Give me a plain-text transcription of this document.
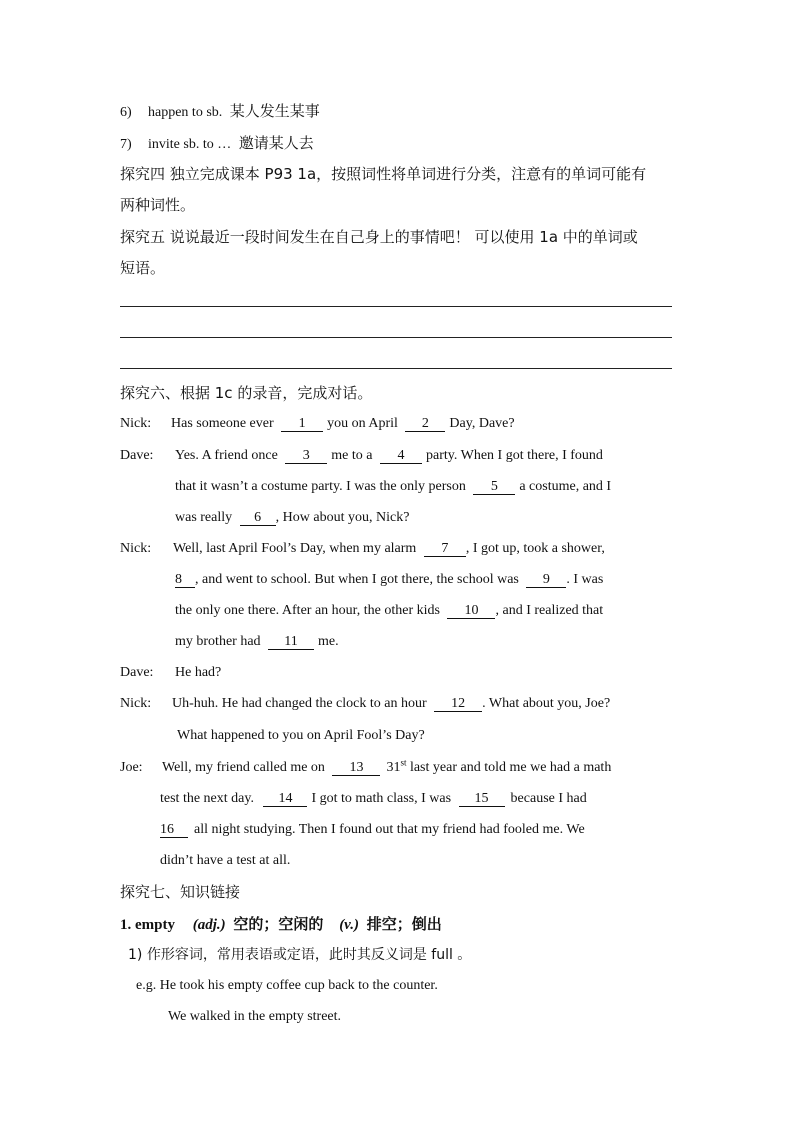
6) happen to sb. 某人发生某事
7) invite sb. to … 邀请某人去
探究四 独立完成课本 P93 1a，按照词性将单词进行分类，注意有的单词可能有
两种词性。
探究五 说说最近一段时间发生在自己身上的事情吧！ 可以使用 1a 中的单词或
短语。
探究六、根据 1c 的录音，完成对话。
Nick: Has someone ever 1 you on April 2 Day, Dave?
Dave: Yes. A friend once 3 me to a 4 party. When I got there, I found
that it wasn’t a costume party. I was the only person 5 a costume, and I
was really 6 , How about you, Nick?
Nick: Well, last April Fool’s Day, when my alarm 7 , I got up, took a shower,
8 , and went to school. But when I got there, the school was 9 . I was
the only one there. After an hour, the other kids 10 , and I realized that
my brother had 11 me.
Dave: He had?
Nick: Uh-huh. He had changed the clock to an hour 12 . What about you, Joe?
What happened to you on April Fool’s Day?
Joe: Well, my friend called me on 13 31st last year and told me we had a math
test the next day. 14 I got to math class, I was 15 because I had
16 all night studying. Then I found out that my friend had fooled me. We
didn’t have a test at all.
探究七、知识链接
1. empty (adj.) 空的；空闲的 (v.) 排空；倒出
1) 作形容词，常用表语或定语，此时其反义词是 full 。
e.g. He took his empty coffee cup back to the counter.
We walked in the empty street.
